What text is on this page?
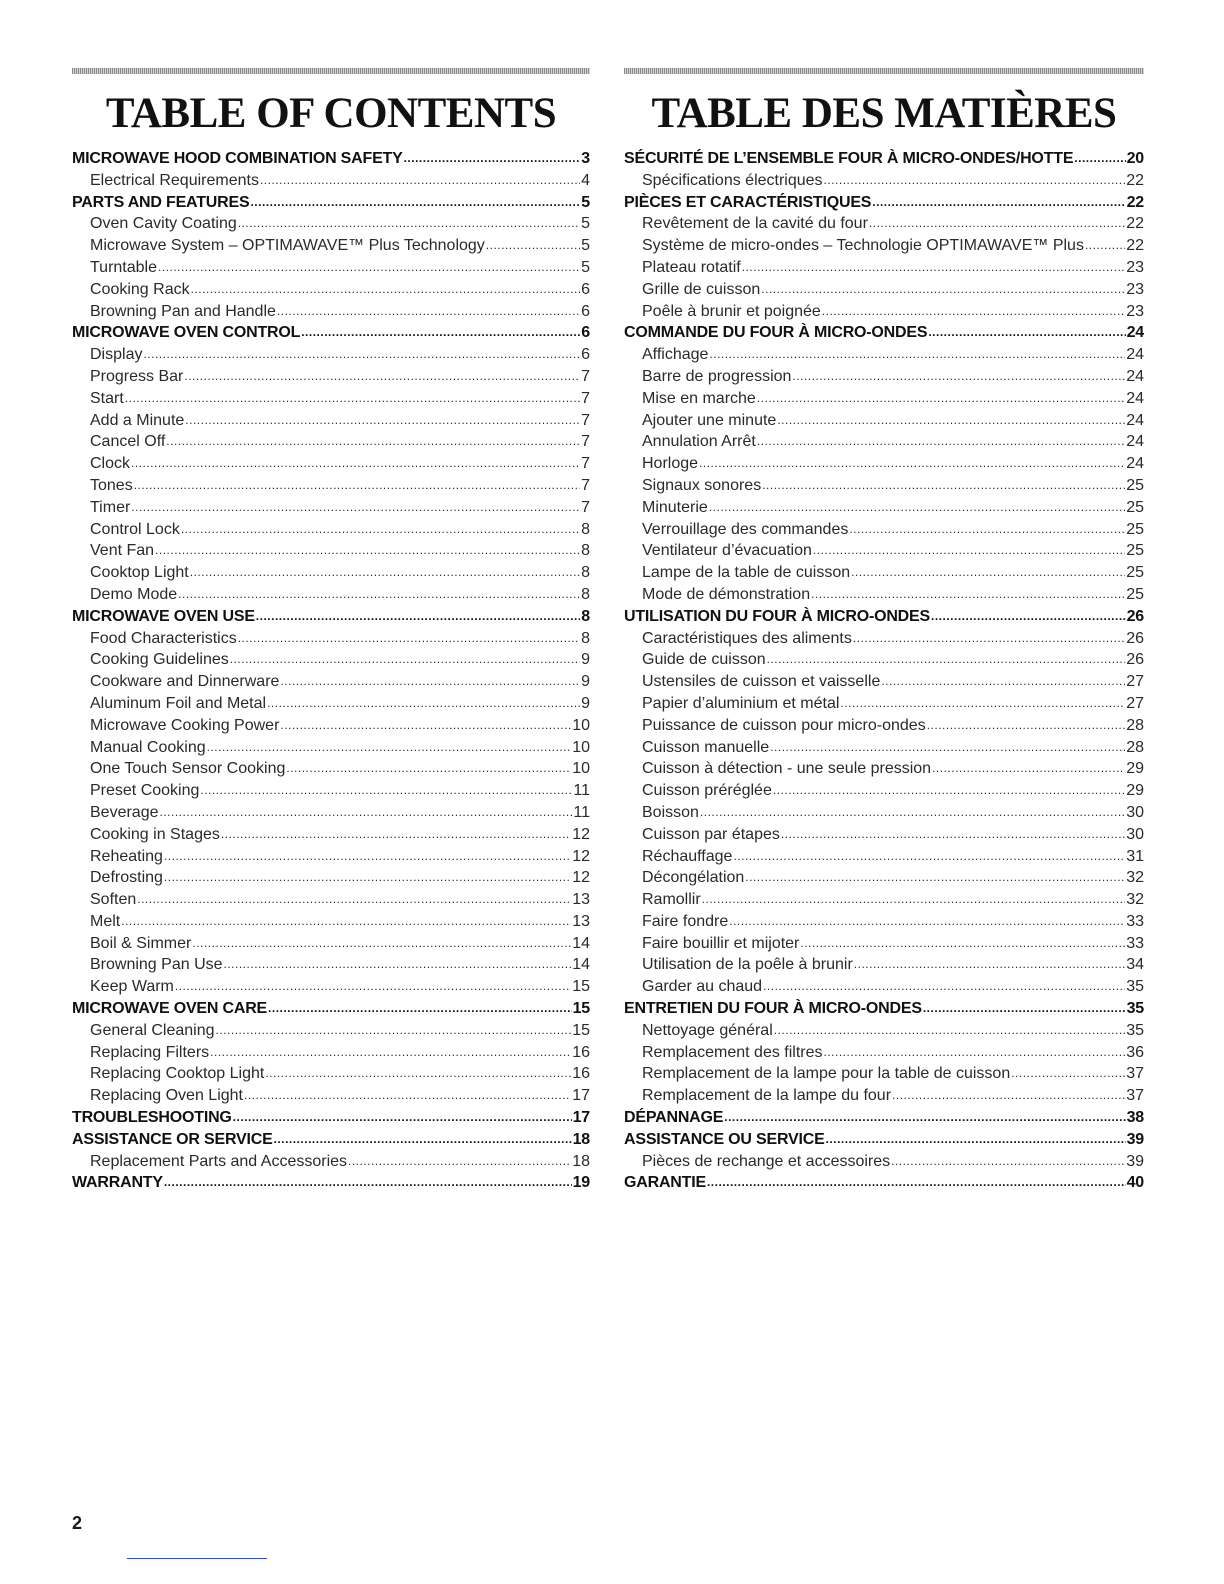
TABLE OF CONTENTS
MICROWAVE HOOD COMBINATION SAFETY .....	3
Electrical Requirements .....	4
PARTS AND FEATURES .....	5
Oven Cavity Coating .....	5
Microwave System – OPTIMAWAVE™ Plus Technology .....	5
Turntable .....	5
Cooking Rack .....	6
Browning Pan and Handle .....	6
MICROWAVE OVEN CONTROL .....	6
Display .....	6
Progress Bar .....	7
Start .....	7
Add a Minute .....	7
Cancel Off .....	7
Clock .....	7
Tones .....	7
Timer .....	7
Control Lock .....	8
Vent Fan .....	8
Cooktop Light .....	8
Demo Mode .....	8
MICROWAVE OVEN USE .....	8
Food Characteristics .....	8
Cooking Guidelines .....	9
Cookware and Dinnerware .....	9
Aluminum Foil and Metal .....	9
Microwave Cooking Power .....	10
Manual Cooking .....	10
One Touch Sensor Cooking .....	10
Preset Cooking .....	11
Beverage .....	11
Cooking in Stages .....	12
Reheating .....	12
Defrosting .....	12
Soften .....	13
Melt .....	13
Boil & Simmer .....	14
Browning Pan Use .....	14
Keep Warm .....	15
MICROWAVE OVEN CARE .....	15
General Cleaning .....	15
Replacing Filters .....	16
Replacing Cooktop Light .....	16
Replacing Oven Light .....	17
TROUBLESHOOTING .....	17
ASSISTANCE OR SERVICE .....	18
Replacement Parts and Accessories .....	18
WARRANTY .....	19
TABLE DES MATIÈRES
SÉCURITÉ DE L’ENSEMBLE FOUR À MICRO-ONDES/HOTTE .....	20
Spécifications électriques .....	22
PIÈCES ET CARACTÉRISTIQUES .....	22
Revêtement de la cavité du four .....	22
Système de micro-ondes – Technologie OPTIMAWAVE™ Plus .....	22
Plateau rotatif .....	23
Grille de cuisson .....	23
Poêle à brunir et poignée .....	23
COMMANDE DU FOUR À MICRO-ONDES .....	24
Affichage .....	24
Barre de progression .....	24
Mise en marche .....	24
Ajouter une minute .....	24
Annulation Arrêt .....	24
Horloge .....	24
Signaux sonores .....	25
Minuterie .....	25
Verrouillage des commandes .....	25
Ventilateur d’évacuation .....	25
Lampe de la table de cuisson .....	25
Mode de démonstration .....	25
UTILISATION DU FOUR À MICRO-ONDES .....	26
Caractéristiques des aliments .....	26
Guide de cuisson .....	26
Ustensiles de cuisson et vaisselle .....	27
Papier d’aluminium et métal .....	27
Puissance de cuisson pour micro-ondes .....	28
Cuisson manuelle .....	28
Cuisson à détection - une seule pression .....	29
Cuisson préréglée .....	29
Boisson .....	30
Cuisson par étapes .....	30
Réchauffage .....	31
Décongélation .....	32
Ramollir .....	32
Faire fondre .....	33
Faire bouillir et mijoter .....	33
Utilisation de la poêle à brunir .....	34
Garder au chaud .....	35
ENTRETIEN DU FOUR À MICRO-ONDES .....	35
Nettoyage général .....	35
Remplacement des filtres .....	36
Remplacement de la lampe pour la table de cuisson .....	37
Remplacement de la lampe du four .....	37
DÉPANNAGE .....	38
ASSISTANCE OU SERVICE .....	39
Pièces de rechange et accessoires .....	39
GARANTIE .....	40
2
